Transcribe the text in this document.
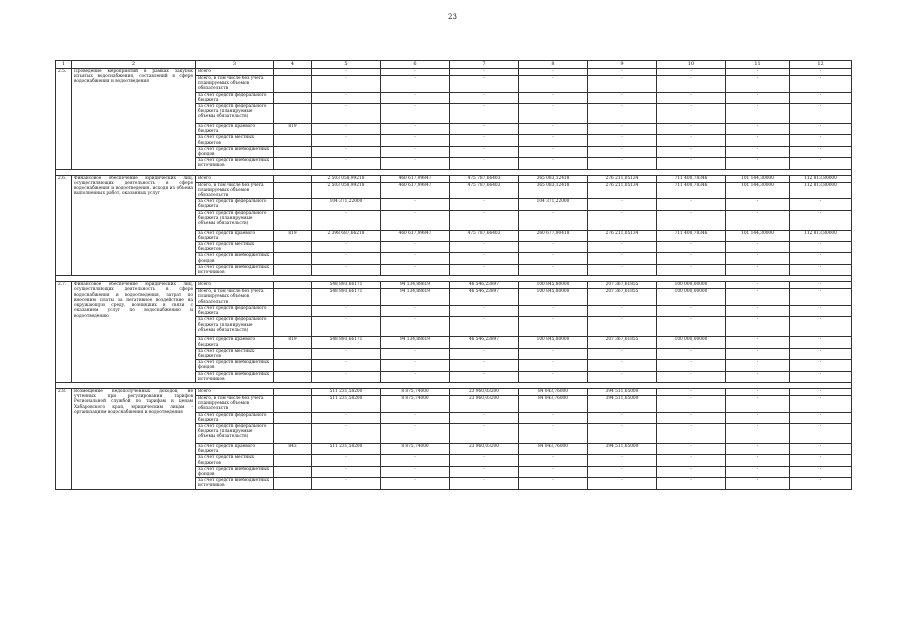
23
1	2	3	4	5	6	7	8	9	10	11	12
2.5.	Проведение мероприятий в рамках закупок изъятых водоснабжения, составлений в сфере водоснабжения и водоотведения	Всего		-	-	-	-	-	-	-	-
		Всего, в том числе без учета планируемых объемов обязательств		-	-	-	-	-	-	-	-
		за счет средств федерального бюджета		-	-	-	-	-	-	-	-
		за счет средств федерального бюджета (планируемые объемы обязательств)		-	-	-	-	-	-	-	-
		за счет средств краевого бюджета	819	-	-	-	-	-	-	-	-
		за счет средств местных бюджетов		-	-	-	-	-	-	-	-
		за счет средств внебюджетных фондов		-	-	-	-	-	-	-	-
		за счет средств внебюджетных источников		-	-	-	-	-	-	-	-

2.6.	Финансовое обеспечение юридических лиц, осуществляющих деятельность в сфере водоснабжения и водоотведения, исходя из объема выполненных работ, оказанных услуг	Всего		2 503 058,99218	460 617,99847	475 787,66403	365 083,12418	276 211,05134	711 400,78346	101 144,30000	112 813,80000
		Всего, в том числе без учета планируемых объемов обязательств		2 503 058,99218	460 617,99847	475 787,66403	365 083,12418	276 211,05134	711 400,78346	101 144,30000	112 813,80000
		за счет средств федерального бюджета		104 371,22000	-	-	104 371,22000	-	-	-	-
		за счет средств федерального бюджета (планируемые объемы обязательств)		-	-	-	-	-	-	-	-
		за счет средств краевого бюджета	819	2 398 687,66218	460 617,99847	475 787,66403	260 677,90418	276 211,05134	711 400,78346	101 144,30000	112 813,80000
		за счет средств местных бюджетов		-	-	-	-	-	-	-	-
		за счет средств внебюджетных фондов		-	-	-	-	-	-	-	-
		за счет средств внебюджетных источников		-	-	-	-	-	-	-	-

2.7.	Финансовое обеспечение юридических лиц, осуществляющих деятельность в сфере водоснабжения и водоотведения, затрат по внесению платы за негативное воздействие на окружающую среду, возникших в связи с оказанием услуг по водоснабжению и водоотведению	Всего		548 893,66171	94 134,88619	46 546,23897	100 845,80000	207 367,61855	100 000,00000	-	-
		Всего, в том числе без учета планируемых объемов обязательств		548 893,66171	94 134,88619	46 546,23897	100 845,80000	207 367,61855	100 000,00000	-	-
		за счет средств федерального бюджета		-	-	-	-	-	-	-	-
		за счет средств федерального бюджета (планируемые объемы обязательств)		-	-	-	-	-	-	-	-
		за счет средств краевого бюджета	819	548 893,66171	94 134,88619	46 546,23897	100 845,80000	207 367,61855	100 000,00000	-	-
		за счет средств местных бюджетов		-	-	-	-	-	-	-	-
		за счет средств внебюджетных фондов		-	-	-	-	-	-	-	-
		за счет средств внебюджетных источников		-	-	-	-	-	-	-	-

2.8.	Возмещение недополученных доходов, не учтенных при регулировании тарифов Региональной службой по тарифам и ценам Хабаровского края, юридическим лицам - организациям водоснабжения и водоотведения	Всего		511 231,58200	8 875,74000	23 960,03200	84 043,76000	394 511,65000	-	-	-
		Всего, в том числе без учета планируемых объемов обязательств		511 231,58200	8 875,74000	23 960,03200	84 043,76000	394 511,65000	-	-	-
		за счет средств федерального бюджета		-	-	-	-	-	-	-	-
		за счет средств федерального бюджета (планируемые объемы обязательств)		-	-	-	-	-	-	-	-
		за счет средств краевого бюджета	843	511 231,58200	8 875,74000	23 960,03200	84 043,76000	394 511,65000	-	-	-
		за счет средств местных бюджетов		-	-	-	-	-	-	-	-
		за счет средств внебюджетных фондов		-	-	-	-	-	-	-	-
		за счет средств внебюджетных источников		-	-	-	-	-	-	-	-
